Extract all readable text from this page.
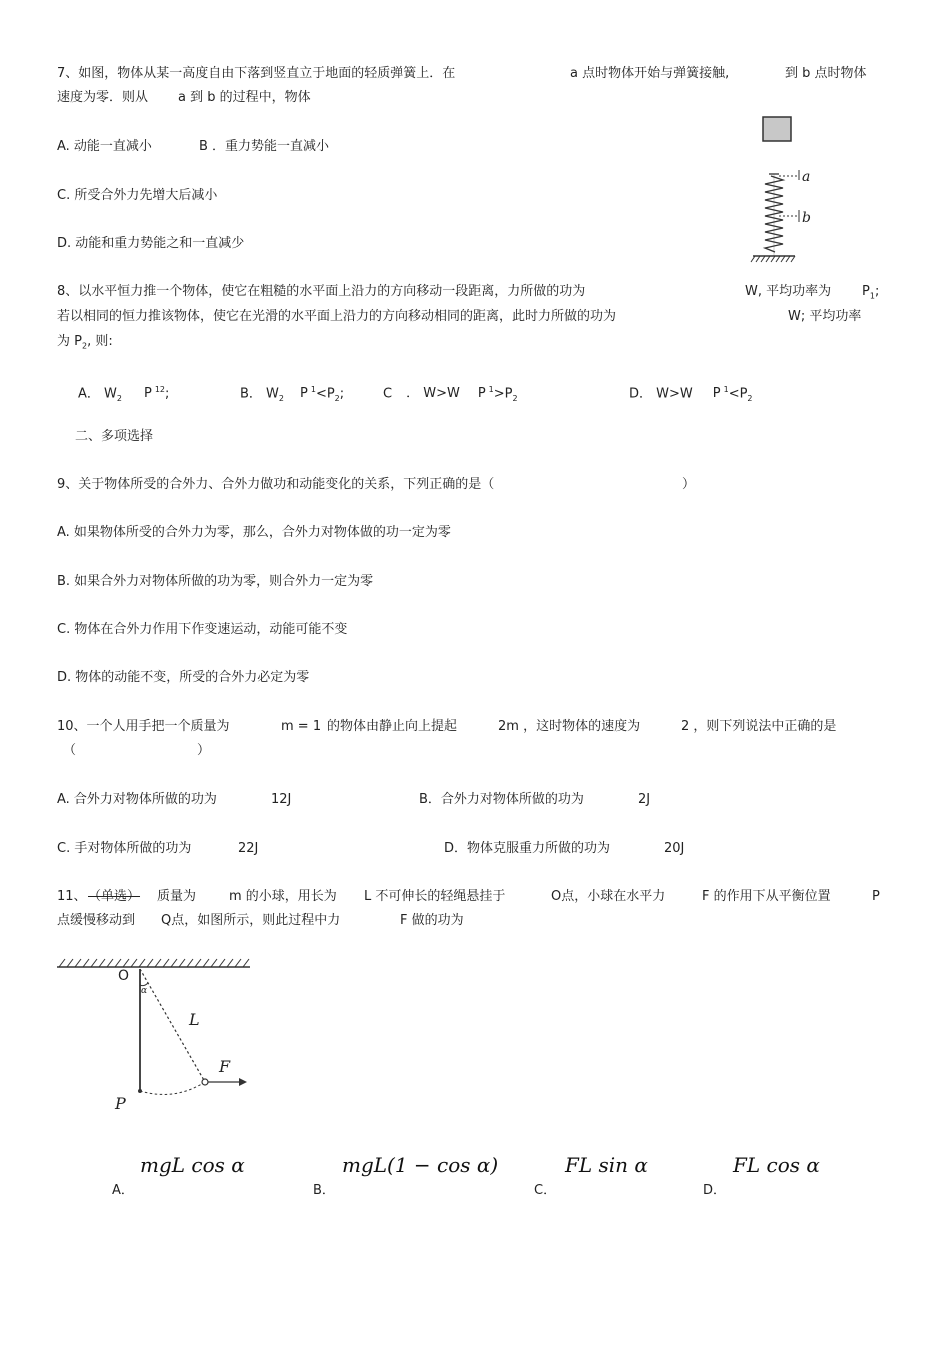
7、如图，物体从某一高度自由下落到竖直立于地面的轻质弹簧上．在	a 点时物体开始与弹簧接触,	到 b 点时物体
速度为零．则从 a 到 b 的过程中，物体
A. 动能一直减小	B ．重力势能一直减小
C. 所受合外力先增大后减小
D. 动能和重力势能之和一直减少
a
b
8、以水平恒力推一个物体，使它在粗糙的水平面上沿力的方向移动一段距离，力所做的功为	W, 平均功率为 $P_1$;
若以相同的恒力推该物体，使它在光滑的水平面上沿力的方向移动相同的距离，此时力所做的功为	W; 平均功率
为 $P_2$, 则:
A． $W_2$ P $^{12}$;	B． $W_2$ P $^1<P_2$;	C ． W>W P $^1>P_2$	D． W>W P $^1<P_2$
二、多项选择
9、关于物体所受的合外力、合外力做功和动能变化的关系，下列正确的是（	）
A. 如果物体所受的合外力为零，那么，合外力对物体做的功一定为零
B. 如果合外力对物体所做的功为零，则合外力一定为零
C. 物体在合外力作用下作变速运动，动能可能不变
D. 物体的动能不变，所受的合外力必定为零
10、一个人用手把一个质量为	m = 1 的物体由静止向上提起	2m ，这时物体的速度为	2 ，则下列说法中正确的是
（	）
A. 合外力对物体所做的功为	12J	B．合外力对物体所做的功为	2J
C. 手对物体所做的功为	22J	D．物体克服重力所做的功为	20J
11、 （单选） 质量为	m 的小球，用长为 L 不可伸长的轻绳悬挂于	O点，小球在水平力	F 的作用下从平衡位置	P
点缓慢移动到 Q点，如图所示，则此过程中力	F 做的功为
O
α
L
F
P
mgL cos α
A．
mgL(1 − cos α)
B．
FL sin α
C．
FL cos α
D．
